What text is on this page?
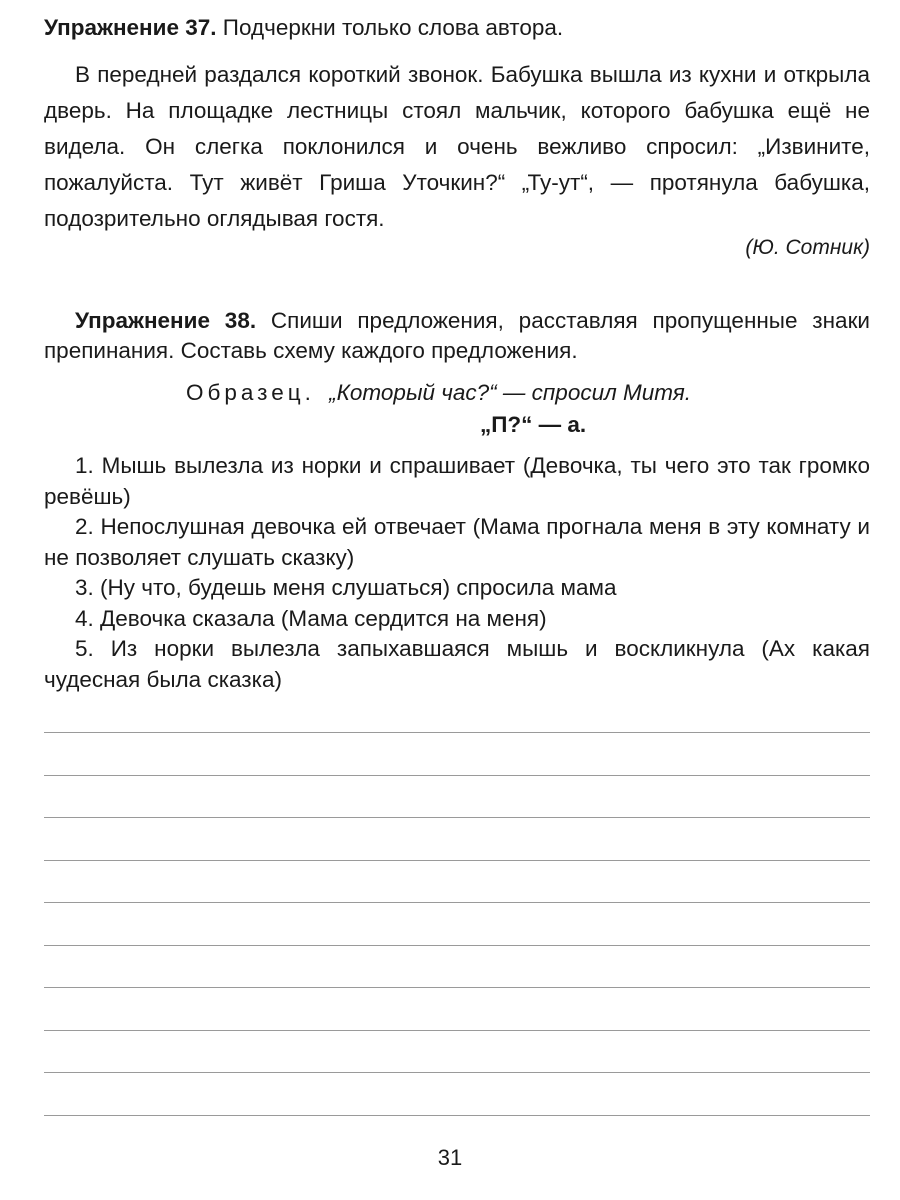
Упражнение 37. Подчеркни только слова автора.

В передней раздался короткий звонок. Бабушка вышла из кухни и открыла дверь. На площадке лестницы стоял мальчик, которого бабушка ещё не видела. Он слегка поклонился и очень вежливо спросил: „Извините, пожалуйста. Тут живёт Гриша Уточкин?“ „Ту-ут“, — протянула бабушка, подозрительно оглядывая гостя.

(Ю. Сотник)
Упражнение 38. Спиши предложения, расставляя пропущенные знаки препинания. Составь схему каждого предложения.
Образец. „Который час?“ — спросил Митя.
„П?“ — а.

1. Мышь вылезла из норки и спрашивает (Девочка, ты чего это так громко ревёшь)

2. Непослушная девочка ей отвечает (Мама прогнала меня в эту комнату и не позволяет слушать сказку)

3. (Ну что, будешь меня слушаться) спросила мама

4. Девочка сказала (Мама сердится на меня)

5. Из норки вылезла запыхавшаяся мышь и воскликнула (Ах какая чудесная была сказка)

31
